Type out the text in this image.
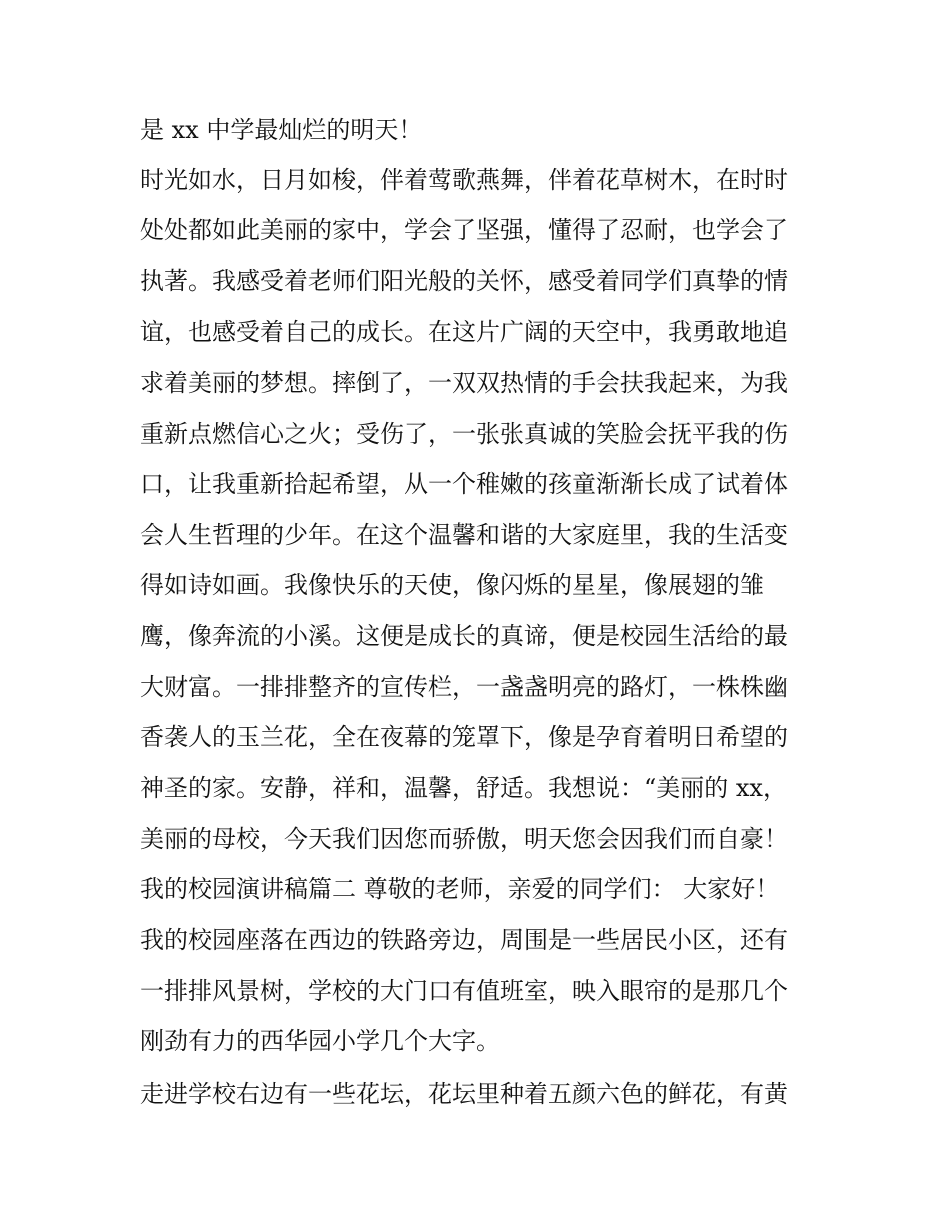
是 xx 中学最灿烂的明天！

时光如水，日月如梭，伴着莺歌燕舞，伴着花草树木，在时时

处处都如此美丽的家中，学会了坚强，懂得了忍耐，也学会了

执著。我感受着老师们阳光般的关怀，感受着同学们真挚的情

谊，也感受着自己的成长。在这片广阔的天空中，我勇敢地追

求着美丽的梦想。摔倒了，一双双热情的手会扶我起来，为我

重新点燃信心之火；受伤了，一张张真诚的笑脸会抚平我的伤

口，让我重新拾起希望，从一个稚嫩的孩童渐渐长成了试着体

会人生哲理的少年。在这个温馨和谐的大家庭里，我的生活变

得如诗如画。我像快乐的天使，像闪烁的星星，像展翅的雏

鹰，像奔流的小溪。这便是成长的真谛，便是校园生活给的最

大财富。一排排整齐的宣传栏，一盏盏明亮的路灯，一株株幽

香袭人的玉兰花，全在夜幕的笼罩下，像是孕育着明日希望的

神圣的家。安静，祥和，温馨，舒适。我想说：“美丽的 xx，

美丽的母校，今天我们因您而骄傲，明天您会因我们而自豪！

我的校园演讲稿篇二 尊敬的老师，亲爱的同学们： 大家好！

我的校园座落在西边的铁路旁边，周围是一些居民小区，还有

一排排风景树，学校的大门口有值班室，映入眼帘的是那几个

刚劲有力的西华园小学几个大字。

走进学校右边有一些花坛，花坛里种着五颜六色的鲜花，有黄
